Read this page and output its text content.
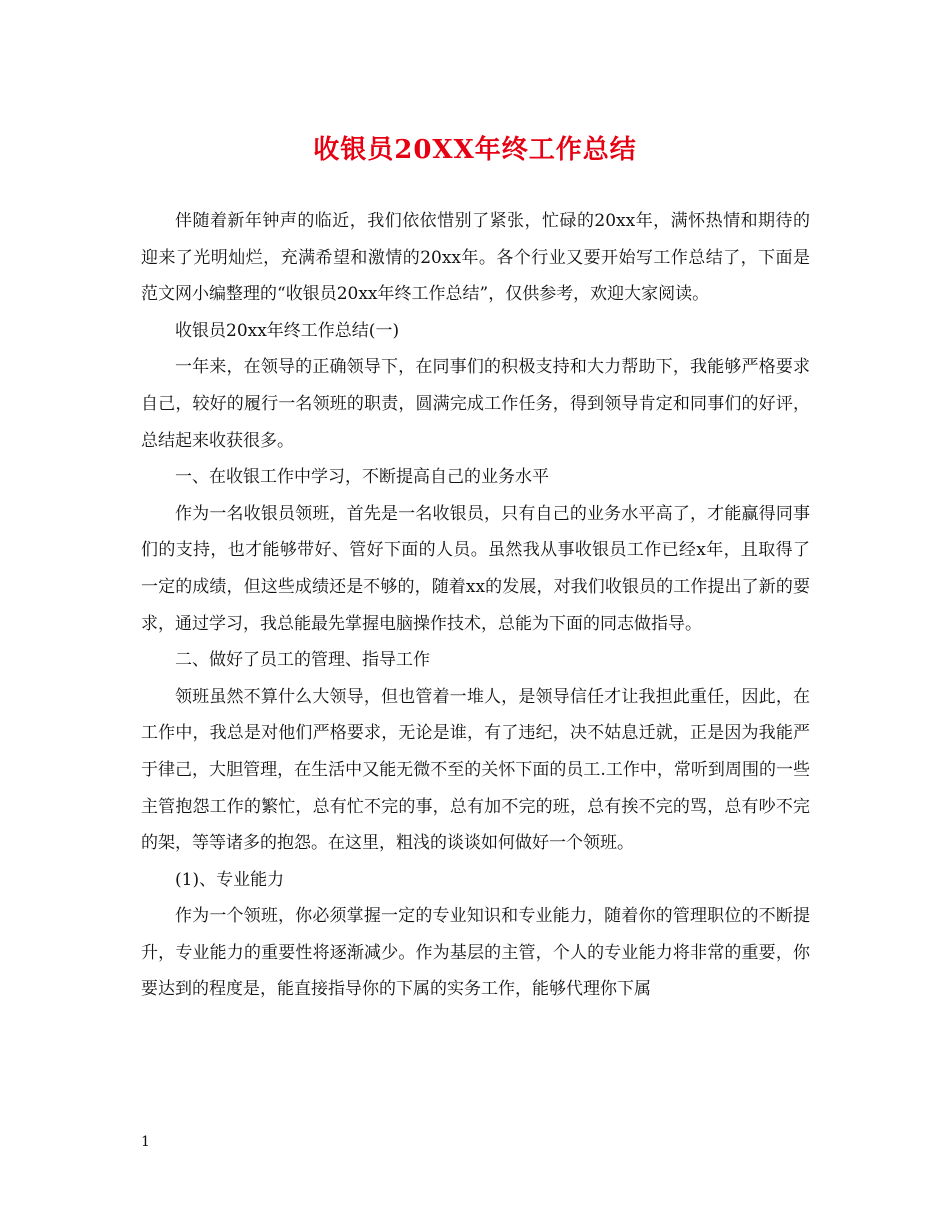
收银员20XX年终工作总结

伴随着新年钟声的临近，我们依依惜别了紧张，忙碌的20xx年，满怀热情和期待的迎来了光明灿烂，充满希望和激情的20xx年。各个行业又要开始写工作总结了，下面是范文网小编整理的“收银员20xx年终工作总结”，仅供参考，欢迎大家阅读。

收银员20xx年终工作总结(一)

一年来，在领导的正确领导下，在同事们的积极支持和大力帮助下，我能够严格要求自己，较好的履行一名领班的职责，圆满完成工作任务，得到领导肯定和同事们的好评，总结起来收获很多。

一、在收银工作中学习，不断提高自己的业务水平

作为一名收银员领班，首先是一名收银员，只有自己的业务水平高了，才能赢得同事们的支持，也才能够带好、管好下面的人员。虽然我从事收银员工作已经x年，且取得了一定的成绩，但这些成绩还是不够的，随着xx的发展，对我们收银员的工作提出了新的要求，通过学习，我总能最先掌握电脑操作技术，总能为下面的同志做指导。

二、做好了员工的管理、指导工作

领班虽然不算什么大领导，但也管着一堆人，是领导信任才让我担此重任，因此，在工作中，我总是对他们严格要求，无论是谁，有了违纪，决不姑息迁就，正是因为我能严于律己，大胆管理，在生活中又能无微不至的关怀下面的员工.工作中，常听到周围的一些主管抱怨工作的繁忙，总有忙不完的事，总有加不完的班，总有挨不完的骂，总有吵不完的架，等等诸多的抱怨。在这里，粗浅的谈谈如何做好一个领班。

(1)、专业能力

作为一个领班，你必须掌握一定的专业知识和专业能力，随着你的管理职位的不断提升，专业能力的重要性将逐渐减少。作为基层的主管，个人的专业能力将非常的重要，你要达到的程度是，能直接指导你的下属的实务工作，能够代理你下属

1
